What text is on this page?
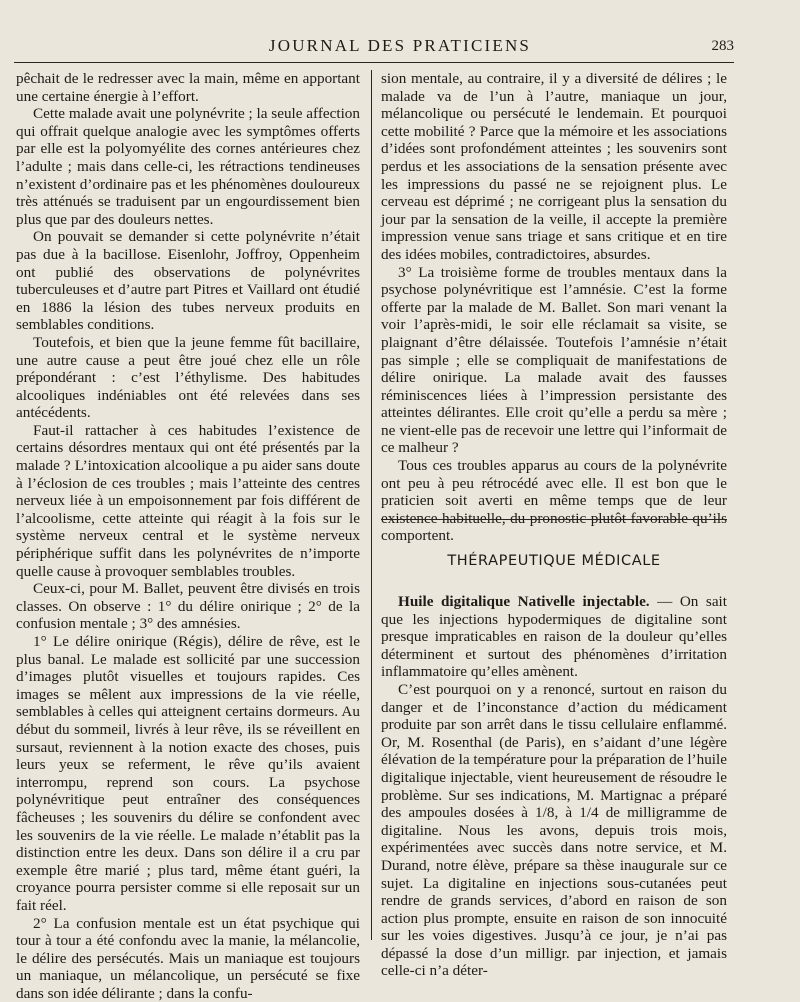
JOURNAL DES PRATICIENS	283

pêchait de le redresser avec la main, même en apportant une certaine énergie à l’effort.

Cette malade avait une polynévrite ; la seule affection qui offrait quelque analogie avec les symptômes offerts par elle est la polyomyélite des cornes antérieures chez l’adulte ; mais dans celle-ci, les rétractions tendineuses n’existent d’ordinaire pas et les phénomènes douloureux très atténués se traduisent par un engourdissement bien plus que par des douleurs nettes.

On pouvait se demander si cette polynévrite n’était pas due à la bacillose. Eisenlohr, Joffroy, Oppenheim ont publié des observations de polynévrites tuberculeuses et d’autre part Pitres et Vaillard ont étudié en 1886 la lésion des tubes nerveux produits en semblables conditions.

Toutefois, et bien que la jeune femme fût bacillaire, une autre cause a peut être joué chez elle un rôle prépondérant : c’est l’éthylisme. Des habitudes alcooliques indéniables ont été relevées dans ses antécédents.

Faut-il rattacher à ces habitudes l’existence de certains désordres mentaux qui ont été présentés par la malade ? L’intoxication alcoolique a pu aider sans doute à l’éclosion de ces troubles ; mais l’atteinte des centres nerveux liée à un empoisonnement par fois différent de l’alcoolisme, cette atteinte qui réagit à la fois sur le système nerveux central et le système nerveux périphérique suffit dans les polynévrites de n’importe quelle cause à provoquer semblables troubles.

Ceux-ci, pour M. Ballet, peuvent être divisés en trois classes. On observe : 1° du délire onirique ; 2° de la confusion mentale ; 3° des amnésies.

1° Le délire onirique (Régis), délire de rêve, est le plus banal. Le malade est sollicité par une succession d’images plutôt visuelles et toujours rapides. Ces images se mêlent aux impressions de la vie réelle, semblables à celles qui atteignent certains dormeurs. Au début du sommeil, livrés à leur rêve, ils se réveillent en sursaut, reviennent à la notion exacte des choses, puis leurs yeux se referment, le rêve qu’ils avaient interrompu, reprend son cours. La psychose polynévritique peut entraîner des conséquences fâcheuses ; les souvenirs du délire se confondent avec les souvenirs de la vie réelle. Le malade n’établit pas la distinction entre les deux. Dans son délire il a cru par exemple être marié ; plus tard, même étant guéri, la croyance pourra persister comme si elle reposait sur un fait réel.

2° La confusion mentale est un état psychique qui tour à tour a été confondu avec la manie, la mélancolie, le délire des persécutés. Mais un maniaque est toujours un maniaque, un mélancolique, un persécuté se fixe dans son idée délirante ; dans la confu-

sion mentale, au contraire, il y a diversité de délires ; le malade va de l’un à l’autre, maniaque un jour, mélancolique ou persécuté le lendemain. Et pourquoi cette mobilité ? Parce que la mémoire et les associations d’idées sont profondément atteintes ; les souvenirs sont perdus et les associations de la sensation présente avec les impressions du passé ne se rejoignent plus. Le cerveau est déprimé ; ne corrigeant plus la sensation du jour par la sensation de la veille, il accepte la première impression venue sans triage et sans critique et en tire des idées mobiles, contradictoires, absurdes.

3° La troisième forme de troubles mentaux dans la psychose polynévritique est l’amnésie. C’est la forme offerte par la malade de M. Ballet. Son mari venant la voir l’après-midi, le soir elle réclamait sa visite, se plaignant d’être délaissée. Toutefois l’amnésie n’était pas simple ; elle se compliquait de manifestations de délire onirique. La malade avait des fausses réminiscences liées à l’impression persistante des atteintes délirantes. Elle croit qu’elle a perdu sa mère ; ne vient-elle pas de recevoir une lettre qui l’informait de ce malheur ?

Tous ces troubles apparus au cours de la polynévrite ont peu à peu rétrocédé avec elle. Il est bon que le praticien soit averti en même temps que de leur existence habituelle, du pronostic plutôt favorable qu’ils comportent.

THÉRAPEUTIQUE MÉDICALE

Huile digitalique Nativelle injectable. — On sait que les injections hypodermiques de digitaline sont presque impraticables en raison de la douleur qu’elles déterminent et surtout des phénomènes d’irritation inflammatoire qu’elles amènent.

C’est pourquoi on y a renoncé, surtout en raison du danger et de l’inconstance d’action du médicament produite par son arrêt dans le tissu cellulaire enflammé. Or, M. Rosenthal (de Paris), en s’aidant d’une légère élévation de la température pour la préparation de l’huile digitalique injectable, vient heureusement de résoudre le problème. Sur ses indications, M. Martignac a préparé des ampoules dosées à 1/8, à 1/4 de milligramme de digitaline. Nous les avons, depuis trois mois, expérimentées avec succès dans notre service, et M. Durand, notre élève, prépare sa thèse inaugurale sur ce sujet. La digitaline en injections sous-cutanées peut rendre de grands services, d’abord en raison de son action plus prompte, ensuite en raison de son innocuité sur les voies digestives. Jusqu’à ce jour, je n’ai pas dépassé la dose d’un milligr. par injection, et jamais celle-ci n’a déter-
